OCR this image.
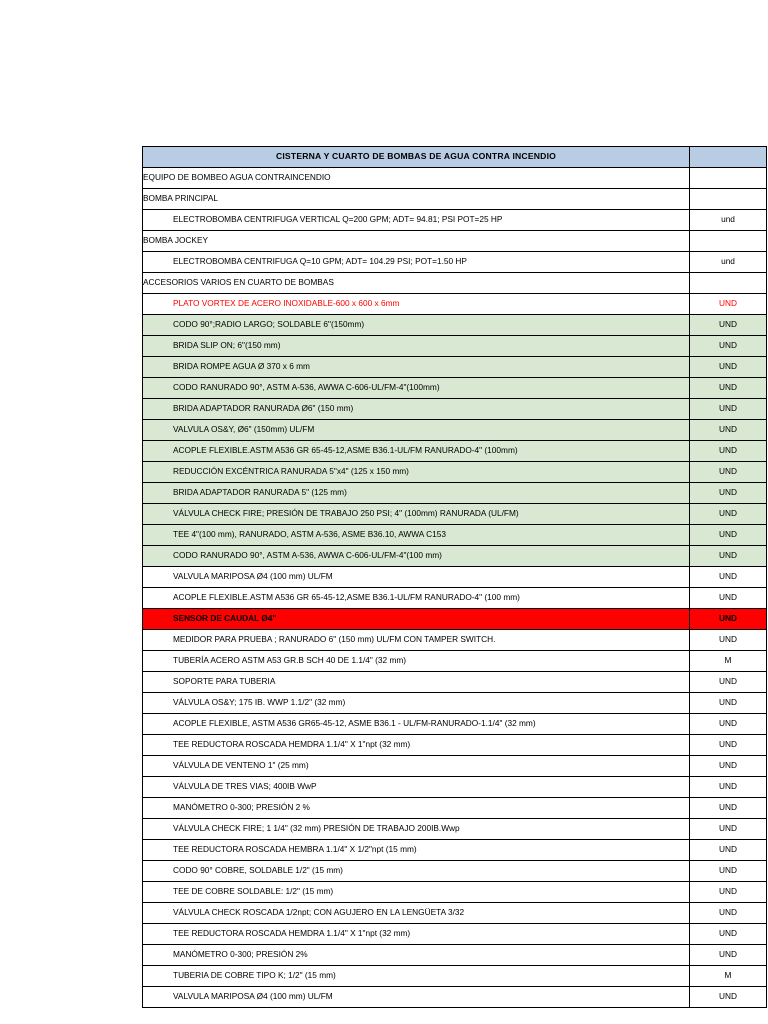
CISTERNA Y CUARTO DE BOMBAS DE AGUA CONTRA INCENDIO	
EQUIPO DE BOMBEO AGUA CONTRAINCENDIO	
BOMBA PRINCIPAL	
ELECTROBOMBA CENTRIFUGA VERTICAL Q=200 GPM; ADT= 94.81; PSI POT=25 HP	und
BOMBA JOCKEY	
ELECTROBOMBA CENTRIFUGA Q=10 GPM; ADT= 104.29 PSI; POT=1.50 HP	und
ACCESORIOS VARIOS EN CUARTO DE BOMBAS	
PLATO VORTEX DE ACERO INOXIDABLE-600 x 600 x 6mm	UND
CODO 90°;RADIO LARGO; SOLDABLE 6"(150mm)	UND
BRIDA SLIP ON; 6"(150 mm)	UND
BRIDA ROMPE AGUA Ø 370 x 6 mm	UND
CODO RANURADO 90°, ASTM A-536, AWWA C-606-UL/FM-4"(100mm)	UND
BRIDA ADAPTADOR RANURADA Ø6" (150 mm)	UND
VALVULA OS&Y, Ø6" (150mm) UL/FM	UND
ACOPLE FLEXIBLE.ASTM A536 GR 65-45-12,ASME B36.1-UL/FM RANURADO-4" (100mm)	UND
REDUCCIÓN EXCÉNTRICA RANURADA 5"x4" (125 x 150 mm)	UND
BRIDA ADAPTADOR RANURADA 5" (125 mm)	UND
VÁLVULA CHECK FIRE; PRESIÓN DE TRABAJO 250 PSI; 4" (100mm) RANURADA (UL/FM)	UND
TEE 4"(100 mm), RANURADO, ASTM A-536, ASME B36.10, AWWA C153	UND
CODO RANURADO 90°, ASTM A-536, AWWA C-606-UL/FM-4"(100 mm)	UND
VALVULA MARIPOSA Ø4 (100 mm) UL/FM	UND
ACOPLE FLEXIBLE.ASTM A536 GR 65-45-12,ASME B36.1-UL/FM RANURADO-4" (100 mm)	UND
SENSOR DE CAUDAL Ø4"	UND
MEDIDOR PARA PRUEBA ; RANURADO 6" (150 mm) UL/FM CON TAMPER SWITCH.	UND
TUBERÍA ACERO ASTM A53 GR.B SCH 40 DE 1.1/4" (32 mm)	M
SOPORTE PARA TUBERIA	UND
VÁLVULA OS&Y; 175 IB. WWP 1.1/2" (32 mm)	UND
ACOPLE FLEXIBLE, ASTM A536 GR65-45-12, ASME B36.1 - UL/FM-RANURADO-1.1/4" (32 mm)	UND
TEE REDUCTORA ROSCADA HEMDRA 1.1/4" X 1"npt (32 mm)	UND
VÁLVULA DE VENTENO 1" (25 mm)	UND
VÁLVULA DE TRES VIAS; 400IB WwP	UND
MANÓMETRO 0-300; PRESIÓN 2 %	UND
VÁLVULA CHECK FIRE; 1 1/4" (32 mm) PRESIÓN DE TRABAJO 200IB.Wwp	UND
TEE REDUCTORA ROSCADA HEMBRA 1.1/4" X 1/2"npt (15 mm)	UND
CODO 90° COBRE, SOLDABLE 1/2" (15 mm)	UND
TEE DE COBRE SOLDABLE: 1/2" (15 mm)	UND
VÁLVULA CHECK ROSCADA 1/2npt; CON AGUJERO EN LA LENGÜETA 3/32	UND
TEE REDUCTORA ROSCADA HEMDRA 1.1/4" X 1"npt (32 mm)	UND
MANÓMETRO 0-300; PRESIÓN 2%	UND
TUBERIA DE COBRE TIPO K; 1/2" (15 mm)	M
VALVULA MARIPOSA Ø4 (100 mm) UL/FM	UND
